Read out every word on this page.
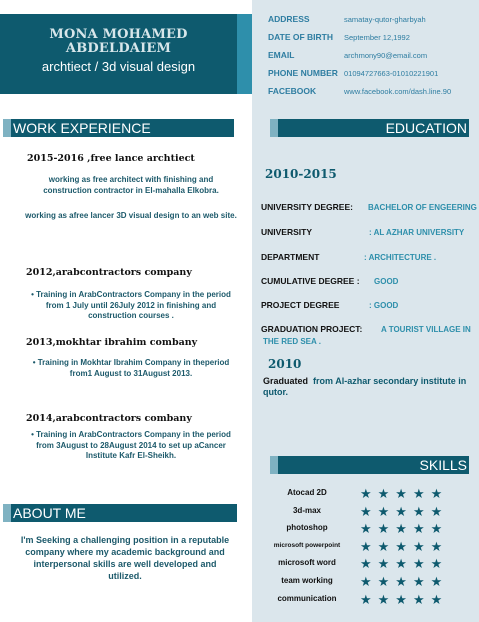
MONA MOHAMED
ABDELDAIEM
archtiect / 3d visual design
ADDRESS	samatay-qutor-gharbyah
DATE OF BIRTH September 12,1992
EMAIL	archmony90@email.com
PHONE NUMBER 01094727663-01010221901
FACEBOOK	www.facebook.com/dash.line.90
WORK EXPERIENCE
2015-2016 ,free lance archtiect
working as free architect with finishing and construction contractor in El-mahalla Elkobra.
working as afree lancer 3D visual design to an web site.
2012,arabcontractors company
• Training in ArabContractors Company in the period from 1 July until 26July 2012 in finishing and construction courses .
2013,mokhtar ibrahim combany
• Training in Mokhtar Ibrahim Company in theperiod from1 August to 31August 2013.
2014,arabcontractors combany
• Training in ArabContractors Company in the period from 3August to 28August 2014 to set up aCancer Institute Kafr El-Sheikh.
ABOUT ME
I'm Seeking a challenging position in a reputable company where my academic background and interpersonal skills are well developed and utilized.
EDUCATION
2010-2015
UNIVERSITY DEGREE: BACHELOR OF ENGEERING
UNIVERSITY	: AL AZHAR UNIVERSITY
DEPARTMENT	: ARCHITECTURE .
CUMULATIVE DEGREE : GOOD
PROJECT DEGREE	: GOOD
GRADUATION PROJECT: A TOURIST VILLAGE IN
THE RED SEA .
2010
Graduated from Al-azhar secondary institute in qutor.
SKILLS
Atocad 2D	★★★★★
3d-max	★★★★★
photoshop	★★★★★
microsoft powerpoint	★★★★★
microsoft word	★★★★★
team working	★★★★★
communication	★★★★★
